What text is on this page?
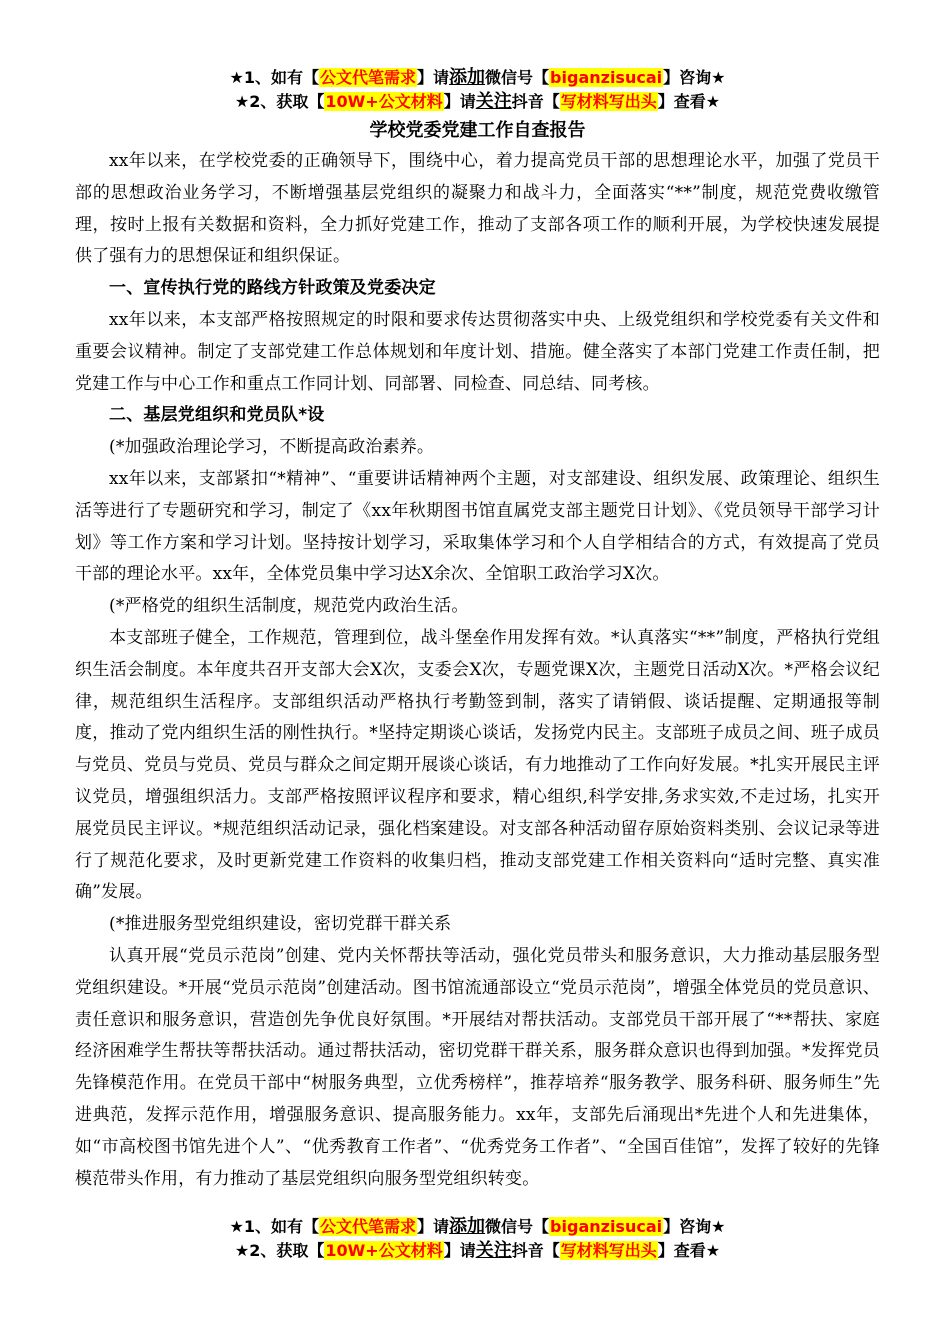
★1、如有【公文代笔需求】请添加微信号【biganzisucai】咨询★
★2、获取【10W+公文材料】请关注抖音【写材料写出头】查看★
学校党委党建工作自查报告

xx年以来，在学校党委的正确领导下，围绕中心，着力提高党员干部的思想理论水平，加强了党员干部的思想政治业务学习，不断增强基层党组织的凝聚力和战斗力，全面落实“**”制度，规范党费收缴管理，按时上报有关数据和资料，全力抓好党建工作，推动了支部各项工作的顺利开展，为学校快速发展提供了强有力的思想保证和组织保证。

一、宣传执行党的路线方针政策及党委决定

xx年以来，本支部严格按照规定的时限和要求传达贯彻落实中央、上级党组织和学校党委有关文件和重要会议精神。制定了支部党建工作总体规划和年度计划、措施。健全落实了本部门党建工作责任制，把党建工作与中心工作和重点工作同计划、同部署、同检查、同总结、同考核。

二、基层党组织和党员队*设

(*加强政治理论学习，不断提高政治素养。

xx年以来，支部紧扣“*精神”、“重要讲话精神两个主题，对支部建设、组织发展、政策理论、组织生活等进行了专题研究和学习，制定了《xx年秋期图书馆直属党支部主题党日计划》、《党员领导干部学习计划》等工作方案和学习计划。坚持按计划学习，采取集体学习和个人自学相结合的方式，有效提高了党员干部的理论水平。xx年，全体党员集中学习达X余次、全馆职工政治学习X次。

(*严格党的组织生活制度，规范党内政治生活。

本支部班子健全，工作规范，管理到位，战斗堡垒作用发挥有效。*认真落实“**”制度，严格执行党组织生活会制度。本年度共召开支部大会X次，支委会X次，专题党课X次，主题党日活动X次。*严格会议纪律，规范组织生活程序。支部组织活动严格执行考勤签到制，落实了请销假、谈话提醒、定期通报等制度，推动了党内组织生活的刚性执行。*坚持定期谈心谈话，发扬党内民主。支部班子成员之间、班子成员与党员、党员与党员、党员与群众之间定期开展谈心谈话，有力地推动了工作向好发展。*扎实开展民主评议党员，增强组织活力。支部严格按照评议程序和要求，精心组织,科学安排,务求实效,不走过场，扎实开展党员民主评议。*规范组织活动记录，强化档案建设。对支部各种活动留存原始资料类别、会议记录等进行了规范化要求，及时更新党建工作资料的收集归档，推动支部党建工作相关资料向“适时完整、真实准确”发展。

(*推进服务型党组织建设，密切党群干群关系

认真开展“党员示范岗”创建、党内关怀帮扶等活动，强化党员带头和服务意识，大力推动基层服务型党组织建设。*开展“党员示范岗”创建活动。图书馆流通部设立“党员示范岗”，增强全体党员的党员意识、责任意识和服务意识，营造创先争优良好氛围。*开展结对帮扶活动。支部党员干部开展了“**帮扶、家庭经济困难学生帮扶等帮扶活动。通过帮扶活动，密切党群干群关系，服务群众意识也得到加强。*发挥党员先锋模范作用。在党员干部中“树服务典型，立优秀榜样”，推荐培养“服务教学、服务科研、服务师生”先进典范，发挥示范作用，增强服务意识、提高服务能力。xx年，支部先后涌现出*先进个人和先进集体，如“市高校图书馆先进个人”、“优秀教育工作者”、“优秀党务工作者”、“全国百佳馆”，发挥了较好的先锋模范带头作用，有力推动了基层党组织向服务型党组织转变。

★1、如有【公文代笔需求】请添加微信号【biganzisucai】咨询★
★2、获取【10W+公文材料】请关注抖音【写材料写出头】查看★
